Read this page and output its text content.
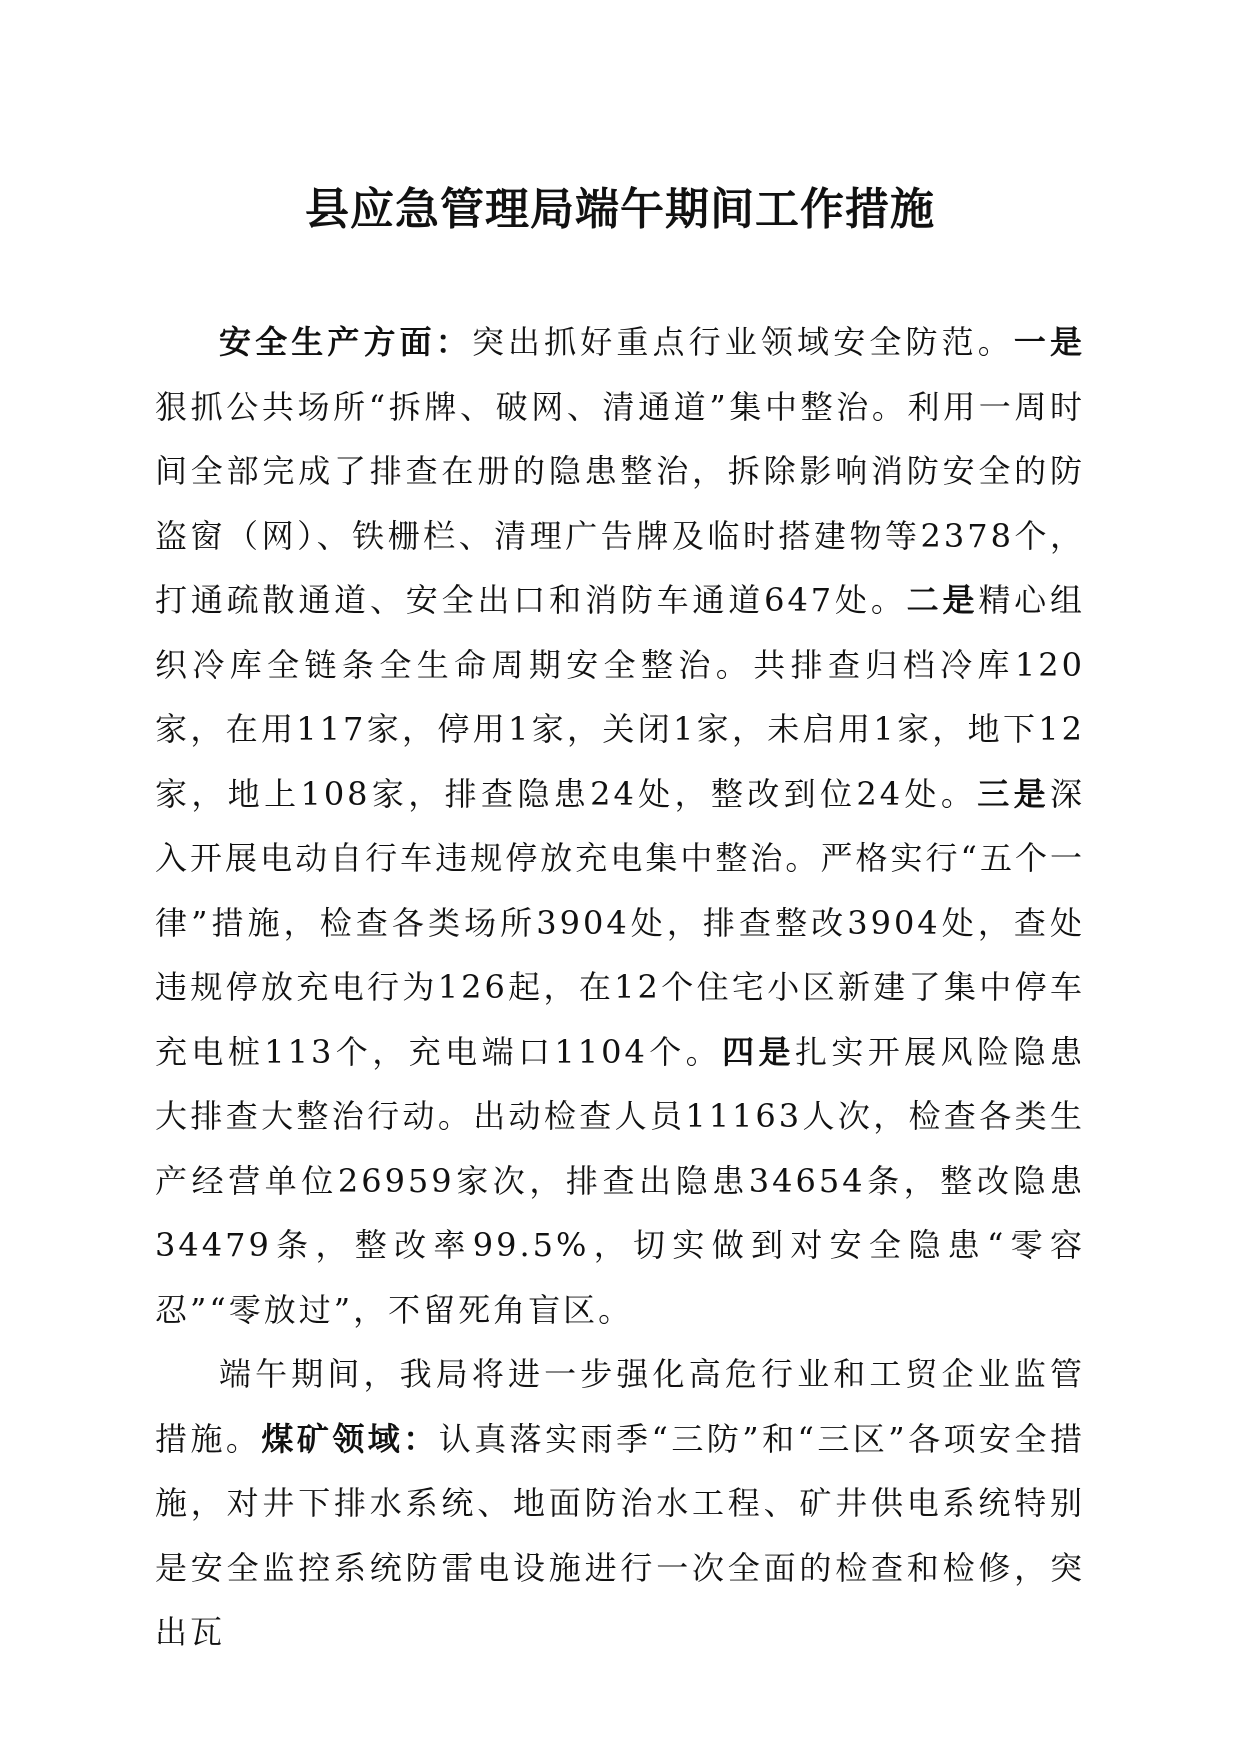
县应急管理局端午期间工作措施

安全生产方面：突出抓好重点行业领域安全防范。一是狠抓公共场所“拆牌、破网、清通道”集中整治。利用一周时间全部完成了排查在册的隐患整治，拆除影响消防安全的防盗窗（网）、铁栅栏、清理广告牌及临时搭建物等2378个，打通疏散通道、安全出口和消防车通道647处。二是精心组织冷库全链条全生命周期安全整治。共排查归档冷库120家，在用117家，停用1家，关闭1家，未启用1家，地下12家，地上108家，排查隐患24处，整改到位24处。三是深入开展电动自行车违规停放充电集中整治。严格实行“五个一律”措施，检查各类场所3904处，排查整改3904处，查处违规停放充电行为126起，在12个住宅小区新建了集中停车充电桩113个，充电端口1104个。四是扎实开展风险隐患大排查大整治行动。出动检查人员11163人次，检查各类生产经营单位26959家次，排查出隐患34654条，整改隐患34479条，整改率99.5%，切实做到对安全隐患“零容忍”“零放过”，不留死角盲区。

端午期间，我局将进一步强化高危行业和工贸企业监管措施。煤矿领域：认真落实雨季“三防”和“三区”各项安全措施，对井下排水系统、地面防治水工程、矿井供电系统特别是安全监控系统防雷电设施进行一次全面的检查和检修，突出瓦
